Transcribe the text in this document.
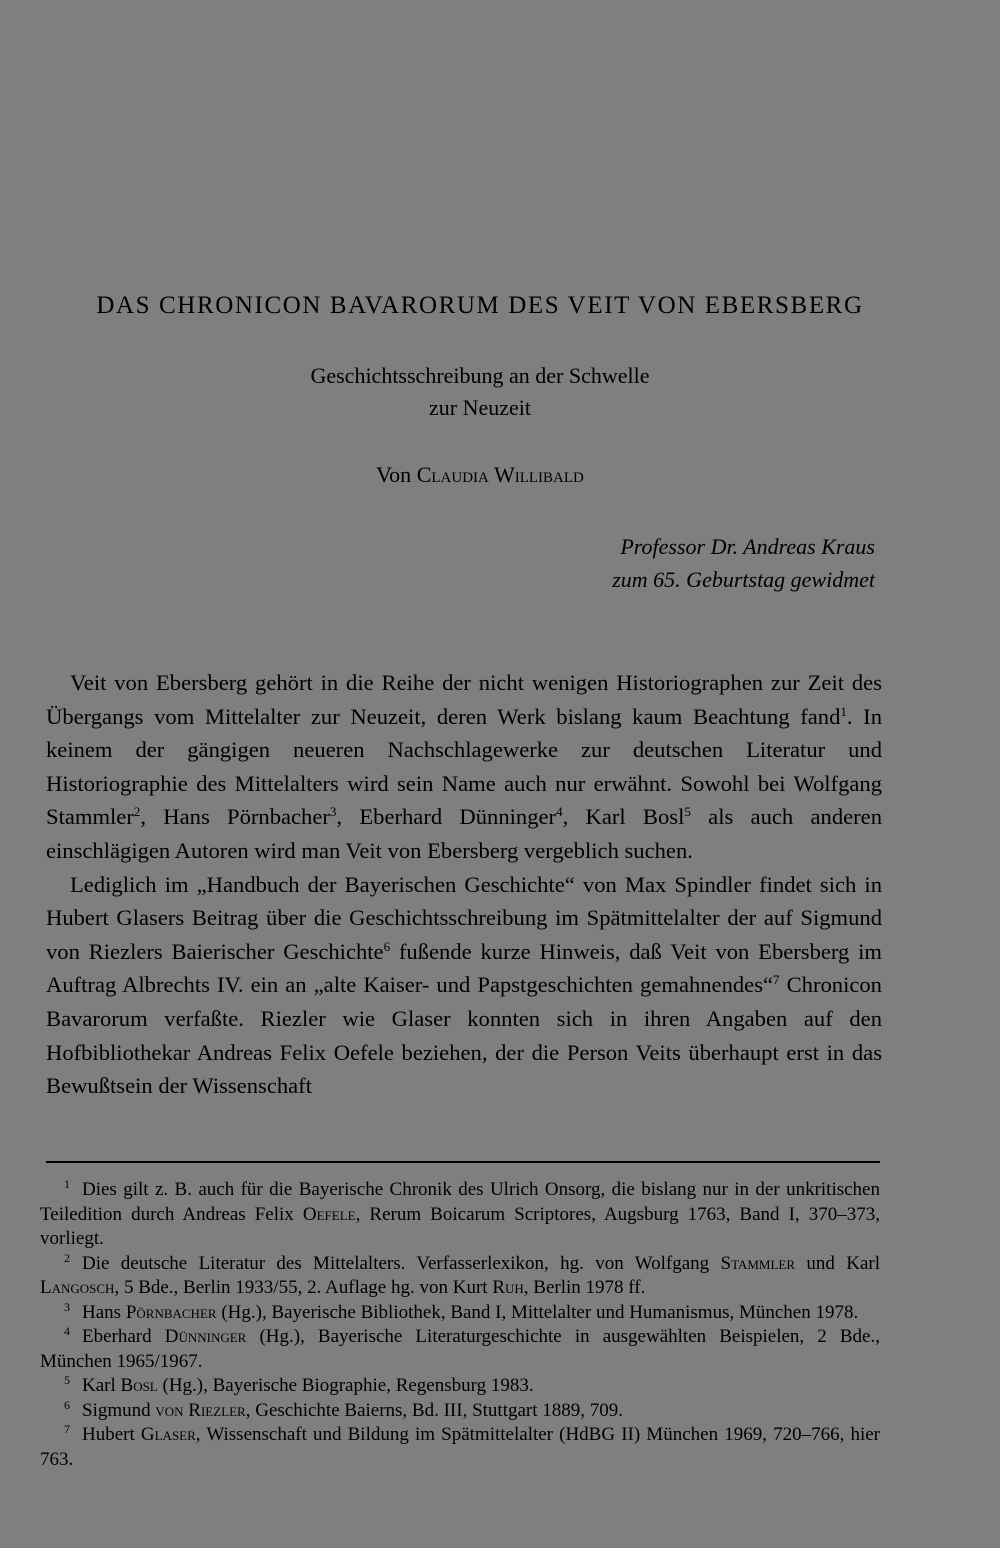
DAS CHRONICON BAVARORUM DES VEIT VON EBERSBERG
Geschichtsschreibung an der Schwelle
zur Neuzeit
Von Claudia Willibald
Professor Dr. Andreas Kraus
zum 65. Geburtstag gewidmet

Veit von Ebersberg gehört in die Reihe der nicht wenigen Historiographen zur Zeit des Übergangs vom Mittelalter zur Neuzeit, deren Werk bislang kaum Beachtung fand$^1$. In keinem der gängigen neueren Nachschlagewerke zur deutschen Literatur und Historiographie des Mittelalters wird sein Name auch nur erwähnt. Sowohl bei Wolfgang Stammler$^2$, Hans Pörnbacher$^3$, Eberhard Dünninger$^4$, Karl Bosl$^5$ als auch anderen einschlägigen Autoren wird man Veit von Ebersberg vergeblich suchen.

Lediglich im „Handbuch der Bayerischen Geschichte“ von Max Spindler findet sich in Hubert Glasers Beitrag über die Geschichtsschreibung im Spätmittelalter der auf Sigmund von Riezlers Baierischer Geschichte$^6$ fußende kurze Hinweis, daß Veit von Ebersberg im Auftrag Albrechts IV. ein an „alte Kaiser- und Papstgeschichten gemahnendes“$^7$ Chronicon Bavarorum verfaßte. Riezler wie Glaser konnten sich in ihren Angaben auf den Hofbibliothekar Andreas Felix Oefele beziehen, der die Person Veits überhaupt erst in das Bewußtsein der Wissenschaft

1 Dies gilt z. B. auch für die Bayerische Chronik des Ulrich Onsorg, die bislang nur in der unkritischen Teiledition durch Andreas Felix Oefele, Rerum Boicarum Scriptores, Augsburg 1763, Band I, 370–373, vorliegt.

2 Die deutsche Literatur des Mittelalters. Verfasserlexikon, hg. von Wolfgang Stammler und Karl Langosch, 5 Bde., Berlin 1933/55, 2. Auflage hg. von Kurt Ruh, Berlin 1978 ff.

3 Hans Pörnbacher (Hg.), Bayerische Bibliothek, Band I, Mittelalter und Humanismus, München 1978.

4 Eberhard Dünninger (Hg.), Bayerische Literaturgeschichte in ausgewählten Beispielen, 2 Bde., München 1965/1967.

5 Karl Bosl (Hg.), Bayerische Biographie, Regensburg 1983.

6 Sigmund von Riezler, Geschichte Baierns, Bd. III, Stuttgart 1889, 709.

7 Hubert Glaser, Wissenschaft und Bildung im Spätmittelalter (HdBG II) München 1969, 720–766, hier 763.
